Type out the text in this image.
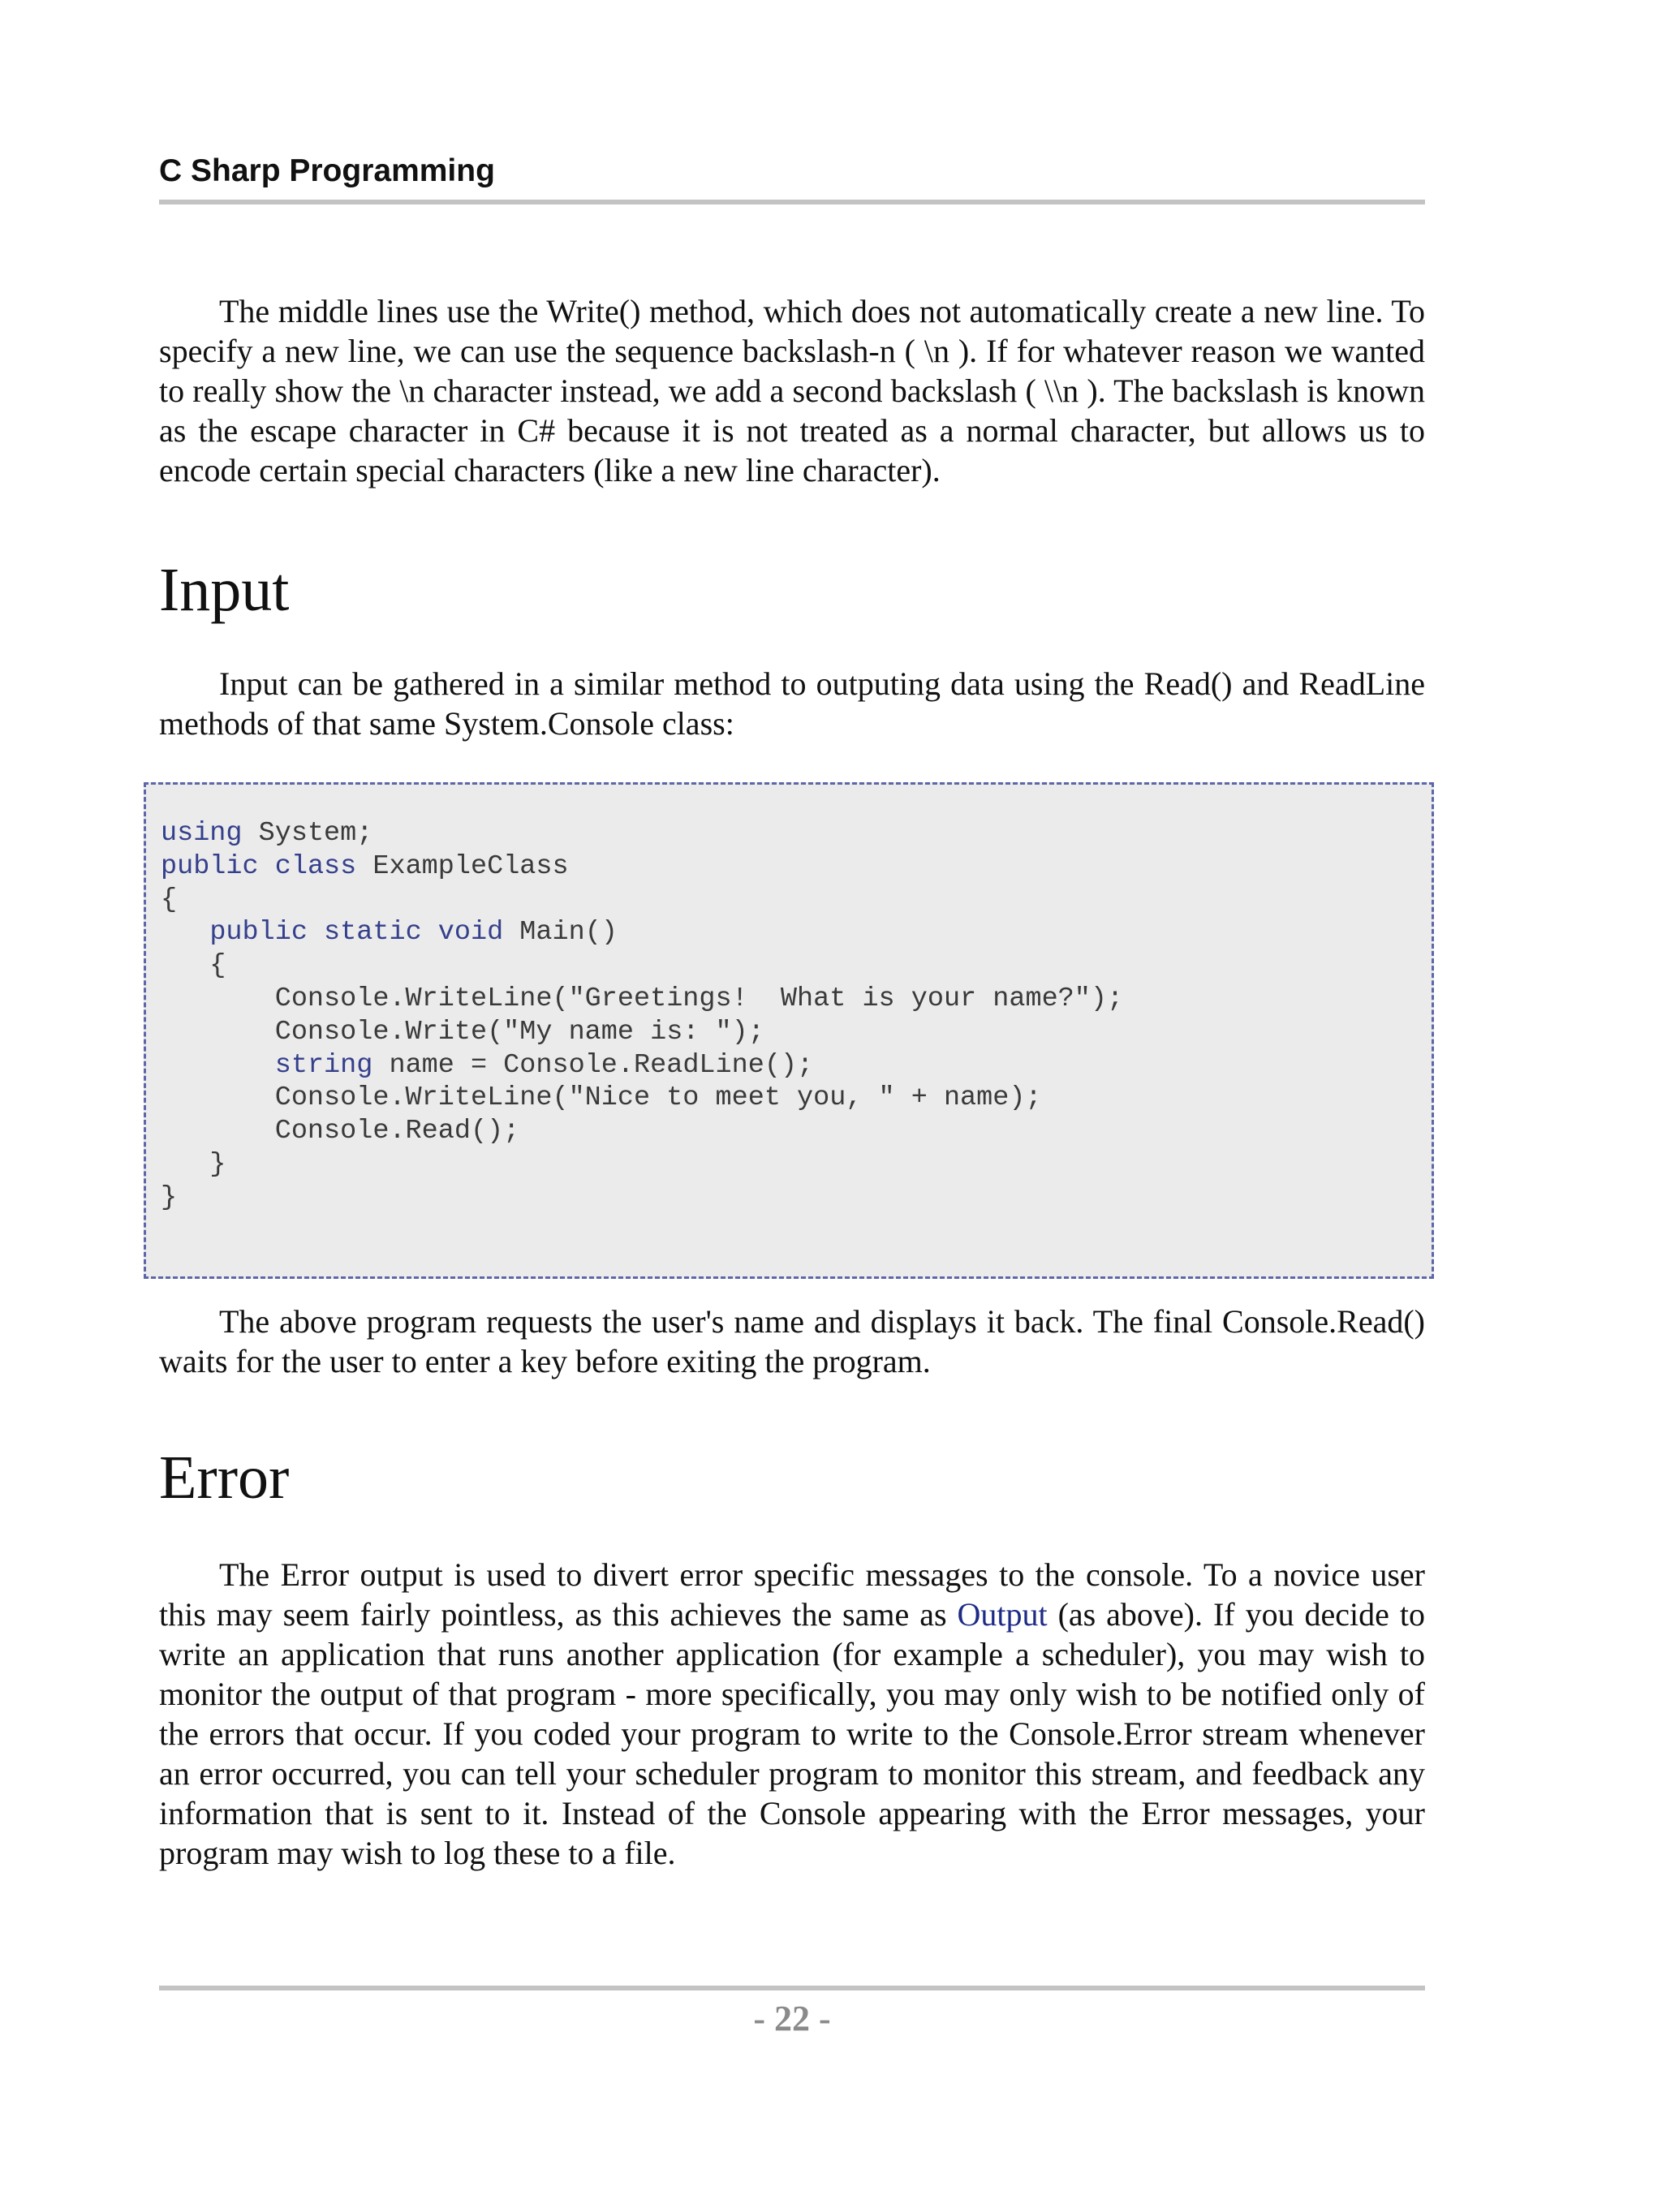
C Sharp Programming

The middle lines use the Write() method, which does not automatically create a new line. To specify a new line, we can use the sequence backslash-n ( \n ). If for whatever reason we wanted to really show the \n character instead, we add a second backslash ( \\n ). The backslash is known as the escape character in C# because it is not treated as a normal character, but allows us to encode certain special characters (like a new line character).

Input

Input can be gathered in a similar method to outputing data using the Read() and ReadLine methods of that same System.Console class:

using System;
public class ExampleClass
{
public static void Main()
{
Console.WriteLine("Greetings!  What is your name?");
Console.Write("My name is: ");
string name = Console.ReadLine();
Console.WriteLine("Nice to meet you, " + name);
Console.Read();
}
}

The above program requests the user's name and displays it back. The final Console.Read() waits for the user to enter a key before exiting the program.

Error

The Error output is used to divert error specific messages to the console. To a novice user this may seem fairly pointless, as this achieves the same as Output (as above). If you decide to write an application that runs another application (for example a scheduler), you may wish to monitor the output of that program - more specifically, you may only wish to be notified only of the errors that occur. If you coded your program to write to the Console.Error stream whenever an error occurred, you can tell your scheduler program to monitor this stream, and feedback any information that is sent to it. Instead of the Console appearing with the Error messages, your program may wish to log these to a file.

- 22 -
